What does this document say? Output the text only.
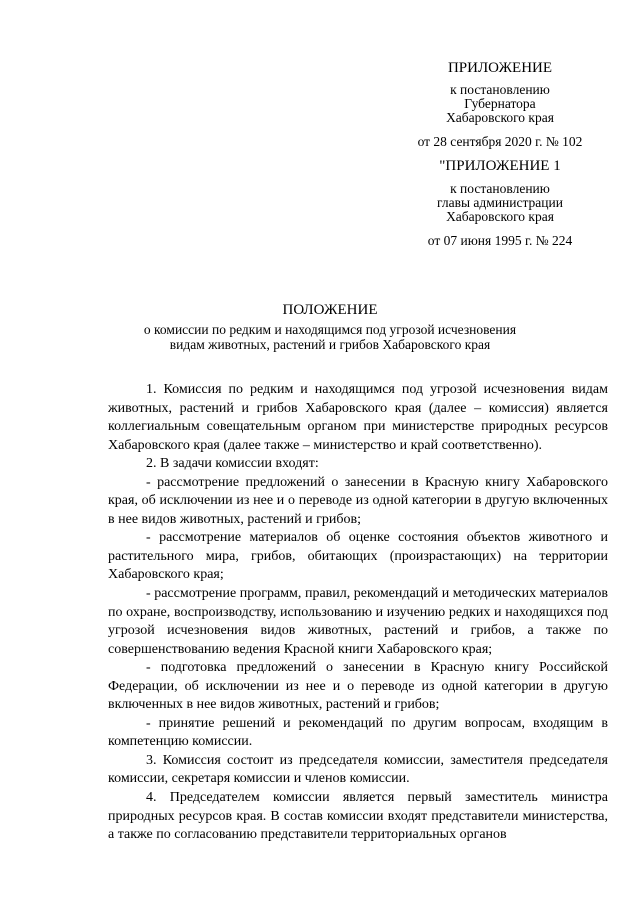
ПРИЛОЖЕНИЕ
к постановлению
Губернатора
Хабаровского края
от 28 сентября 2020 г. № 102
"ПРИЛОЖЕНИЕ 1
к постановлению
главы администрации
Хабаровского края
от 07 июня 1995 г. № 224
ПОЛОЖЕНИЕ
о комиссии по редким и находящимся под угрозой исчезновения
видам животных, растений и грибов Хабаровского края

1. Комиссия по редким и находящимся под угрозой исчезновения видам животных, растений и грибов Хабаровского края (далее – комиссия) является коллегиальным совещательным органом при министерстве природных ресурсов Хабаровского края (далее также – министерство и край соответственно).

2. В задачи комиссии входят:

- рассмотрение предложений о занесении в Красную книгу Хабаровского края, об исключении из нее и о переводе из одной категории в другую включенных в нее видов животных, растений и грибов;

- рассмотрение материалов об оценке состояния объектов животного и растительного мира, грибов, обитающих (произрастающих) на территории Хабаровского края;

- рассмотрение программ, правил, рекомендаций и методических материалов по охране, воспроизводству, использованию и изучению редких и находящихся под угрозой исчезновения видов животных, растений и грибов, а также по совершенствованию ведения Красной книги Хабаровского края;

- подготовка предложений о занесении в Красную книгу Российской Федерации, об исключении из нее и о переводе из одной категории в другую включенных в нее видов животных, растений и грибов;

- принятие решений и рекомендаций по другим вопросам, входящим в компетенцию комиссии.

3. Комиссия состоит из председателя комиссии, заместителя председателя комиссии, секретаря комиссии и членов комиссии.

4. Председателем комиссии является первый заместитель министра природных ресурсов края. В состав комиссии входят представители министерства, а также по согласованию представители территориальных органов
